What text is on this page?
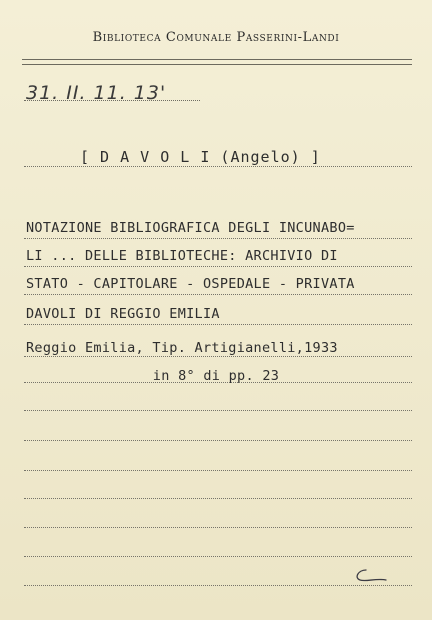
Biblioteca Comunale Passerini-Landi
31. II. 11. 13'
[ D A V O L I (Angelo) ]
NOTAZIONE BIBLIOGRAFICA DEGLI INCUNABO=
LI ... DELLE BIBLIOTECHE: ARCHIVIO DI
STATO - CAPITOLARE - OSPEDALE - PRIVATA
DAVOLI DI REGGIO EMILIA
Reggio Emilia, Tip. Artigianelli,1933
in 8° di pp. 23
